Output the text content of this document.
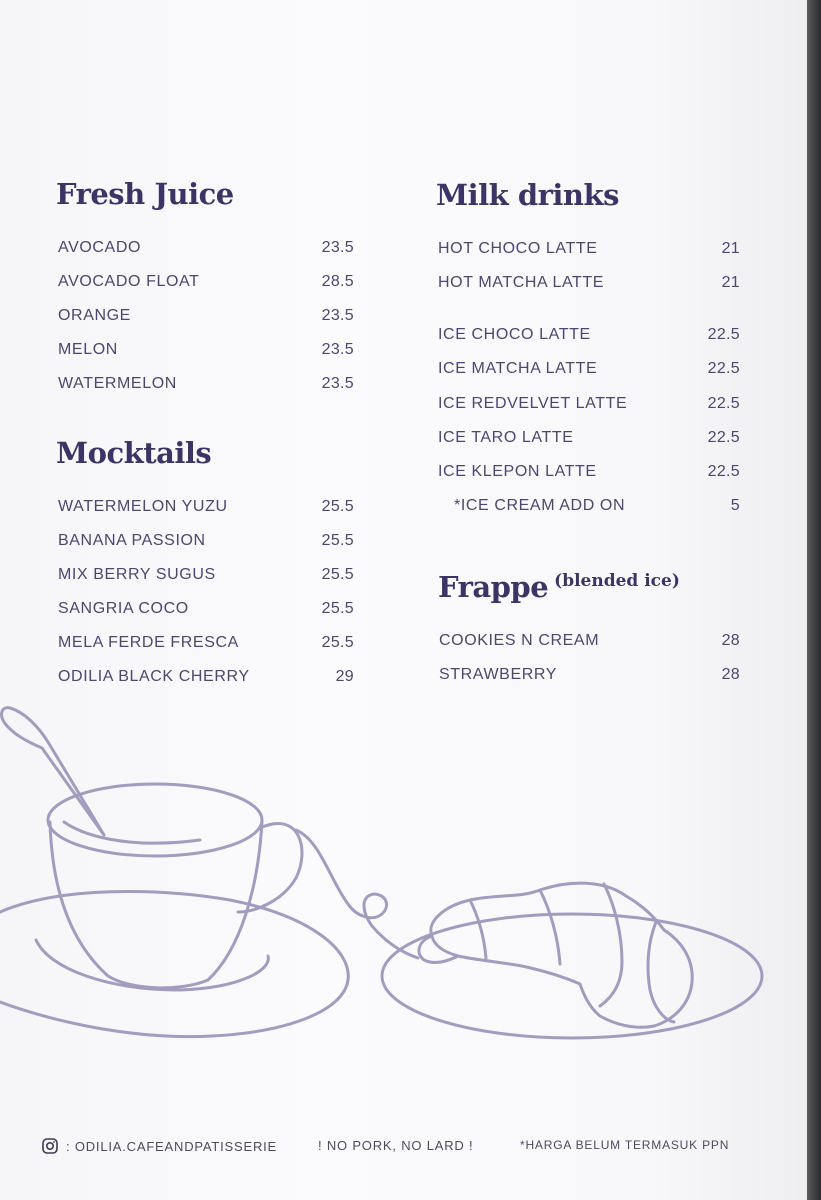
Fresh Juice
AVOCADO	23.5
AVOCADO FLOAT	28.5
ORANGE	23.5
MELON	23.5
WATERMELON	23.5
Mocktails
WATERMELON YUZU	25.5
BANANA PASSION	25.5
MIX BERRY SUGUS	25.5
SANGRIA COCO	25.5
MELA FERDE FRESCA	25.5
ODILIA BLACK CHERRY	29
Milk drinks
HOT CHOCO LATTE	21
HOT MATCHA LATTE	21
ICE CHOCO LATTE	22.5
ICE MATCHA LATTE	22.5
ICE REDVELVET LATTE	22.5
ICE TARO LATTE	22.5
ICE KLEPON LATTE	22.5
*ICE CREAM ADD ON	5
Frappe $^{(blended ice)}$
COOKIES N CREAM	28
STRAWBERRY	28
: ODILIA.CAFEANDPATISSERIE	! NO PORK, NO LARD !	*HARGA BELUM TERMASUK PPN
